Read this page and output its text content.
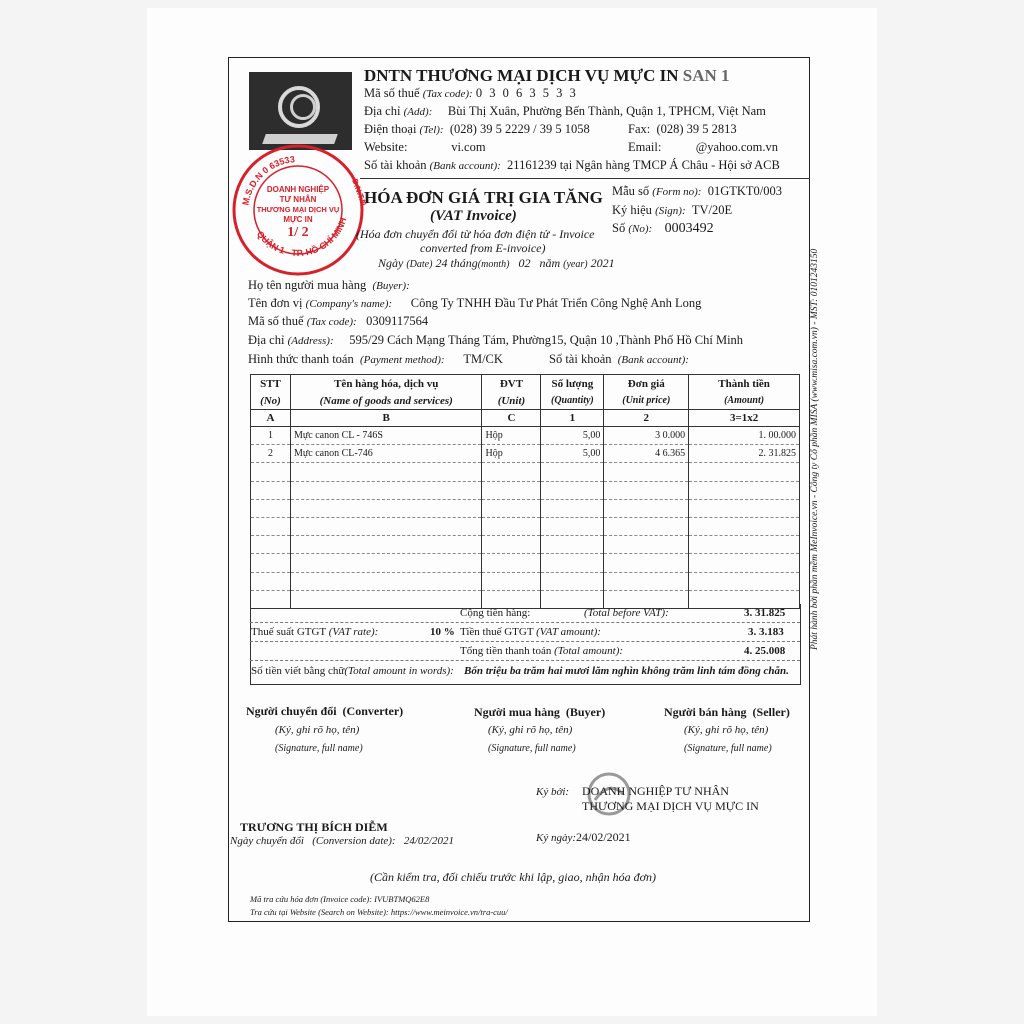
M.S.D.N 0 63533
QUẬN 1 - TP. HỒ CHÍ MINH
DOANH NGHIỆP
TƯ NHÂN
THƯƠNG MẠI DỊCH VỤ
MỰC IN
1/ 2
D.N.T.N
DNTN THƯƠNG MẠI DỊCH VỤ MỰC IN SAN 1
Mã số thuế (Tax code): 0 3 0 6 3 5 3 3
Địa chỉ (Add): Bùi Thị Xuân, Phường Bến Thành, Quận 1, TPHCM, Việt Nam
Điện thoại (Tel): (028) 39 5 2229 / 39 5 1058	Fax: (028) 39 5 2813
Website:	vi.com	Email:	@yahoo.com.vn
Số tài khoản (Bank account): 21161239 tại Ngân hàng TMCP Á Châu - Hội sở ACB
HÓA ĐƠN GIÁ TRỊ GIA TĂNG
(VAT Invoice)
(Hóa đơn chuyển đổi từ hóa đơn điện tử - Invoice
converted from E-invoice)
Ngày (Date) 24 tháng(month) 02 năm (year) 2021
Mẫu số (Form no): 01GTKT0/003
Ký hiệu (Sign): TV/20E
Số (No): 0003492
Họ tên người mua hàng (Buyer):
Tên đơn vị (Company's name): Công Ty TNHH Đầu Tư Phát Triển Công Nghệ Anh Long
Mã số thuế (Tax code): 0309117564
Địa chỉ (Address): 595/29 Cách Mạng Tháng Tám, Phường15, Quận 10 ,Thành Phố Hồ Chí Minh
Hình thức thanh toán (Payment method): TM/CK	Số tài khoản (Bank account):
STT	Tên hàng hóa, dịch vụ	ĐVT	Số lượng	Đơn giá	Thành tiền
(No)	(Name of goods and services)	(Unit)	(Quantity)	(Unit price)	(Amount)
A	B	C	1	2	3=1x2
1	Mực canon CL - 746S	Hộp	5,00	3 0.000	1. 00.000
2	Mực canon CL-746	Hộp	5,00	4 6.365	2. 31.825

Cộng tiền hàng:	(Total before VAT):	3. 31.825
Thuế suất GTGT (VAT rate):	10 % Tiền thuế GTGT (VAT amount):	3. 3.183
Tổng tiền thanh toán (Total amount):	4. 25.008
Số tiền viết bằng chữ(Total amount in words): Bốn triệu ba trăm hai mươi lăm nghìn không trăm linh tám đồng chẵn.
Người chuyển đổi (Converter)
(Ký, ghi rõ họ, tên)
(Signature, full name)
Người mua hàng (Buyer)
(Ký, ghi rõ họ, tên)
(Signature, full name)
Người bán hàng (Seller)
(Ký, ghi rõ họ, tên)
(Signature, full name)
Ký bởi: DOANH NGHIỆP TƯ NHÂN
THƯƠNG MẠI DỊCH VỤ MỰC IN
Ký ngày:24/02/2021
TRƯƠNG THỊ BÍCH DIỄM
Ngày chuyển đổi (Conversion date): 24/02/2021
(Cần kiểm tra, đối chiếu trước khi lập, giao, nhận hóa đơn)
Mã tra cứu hóa đơn (Invoice code): IVUBTMQ62E8
Tra cứu tại Website (Search on Website): https://www.meinvoice.vn/tra-cuu/
Phát hành bởi phần mềm MeInvoice.vn - Công ty Cổ phần MISA (www.misa.com.vn) - MST: 0101243150
